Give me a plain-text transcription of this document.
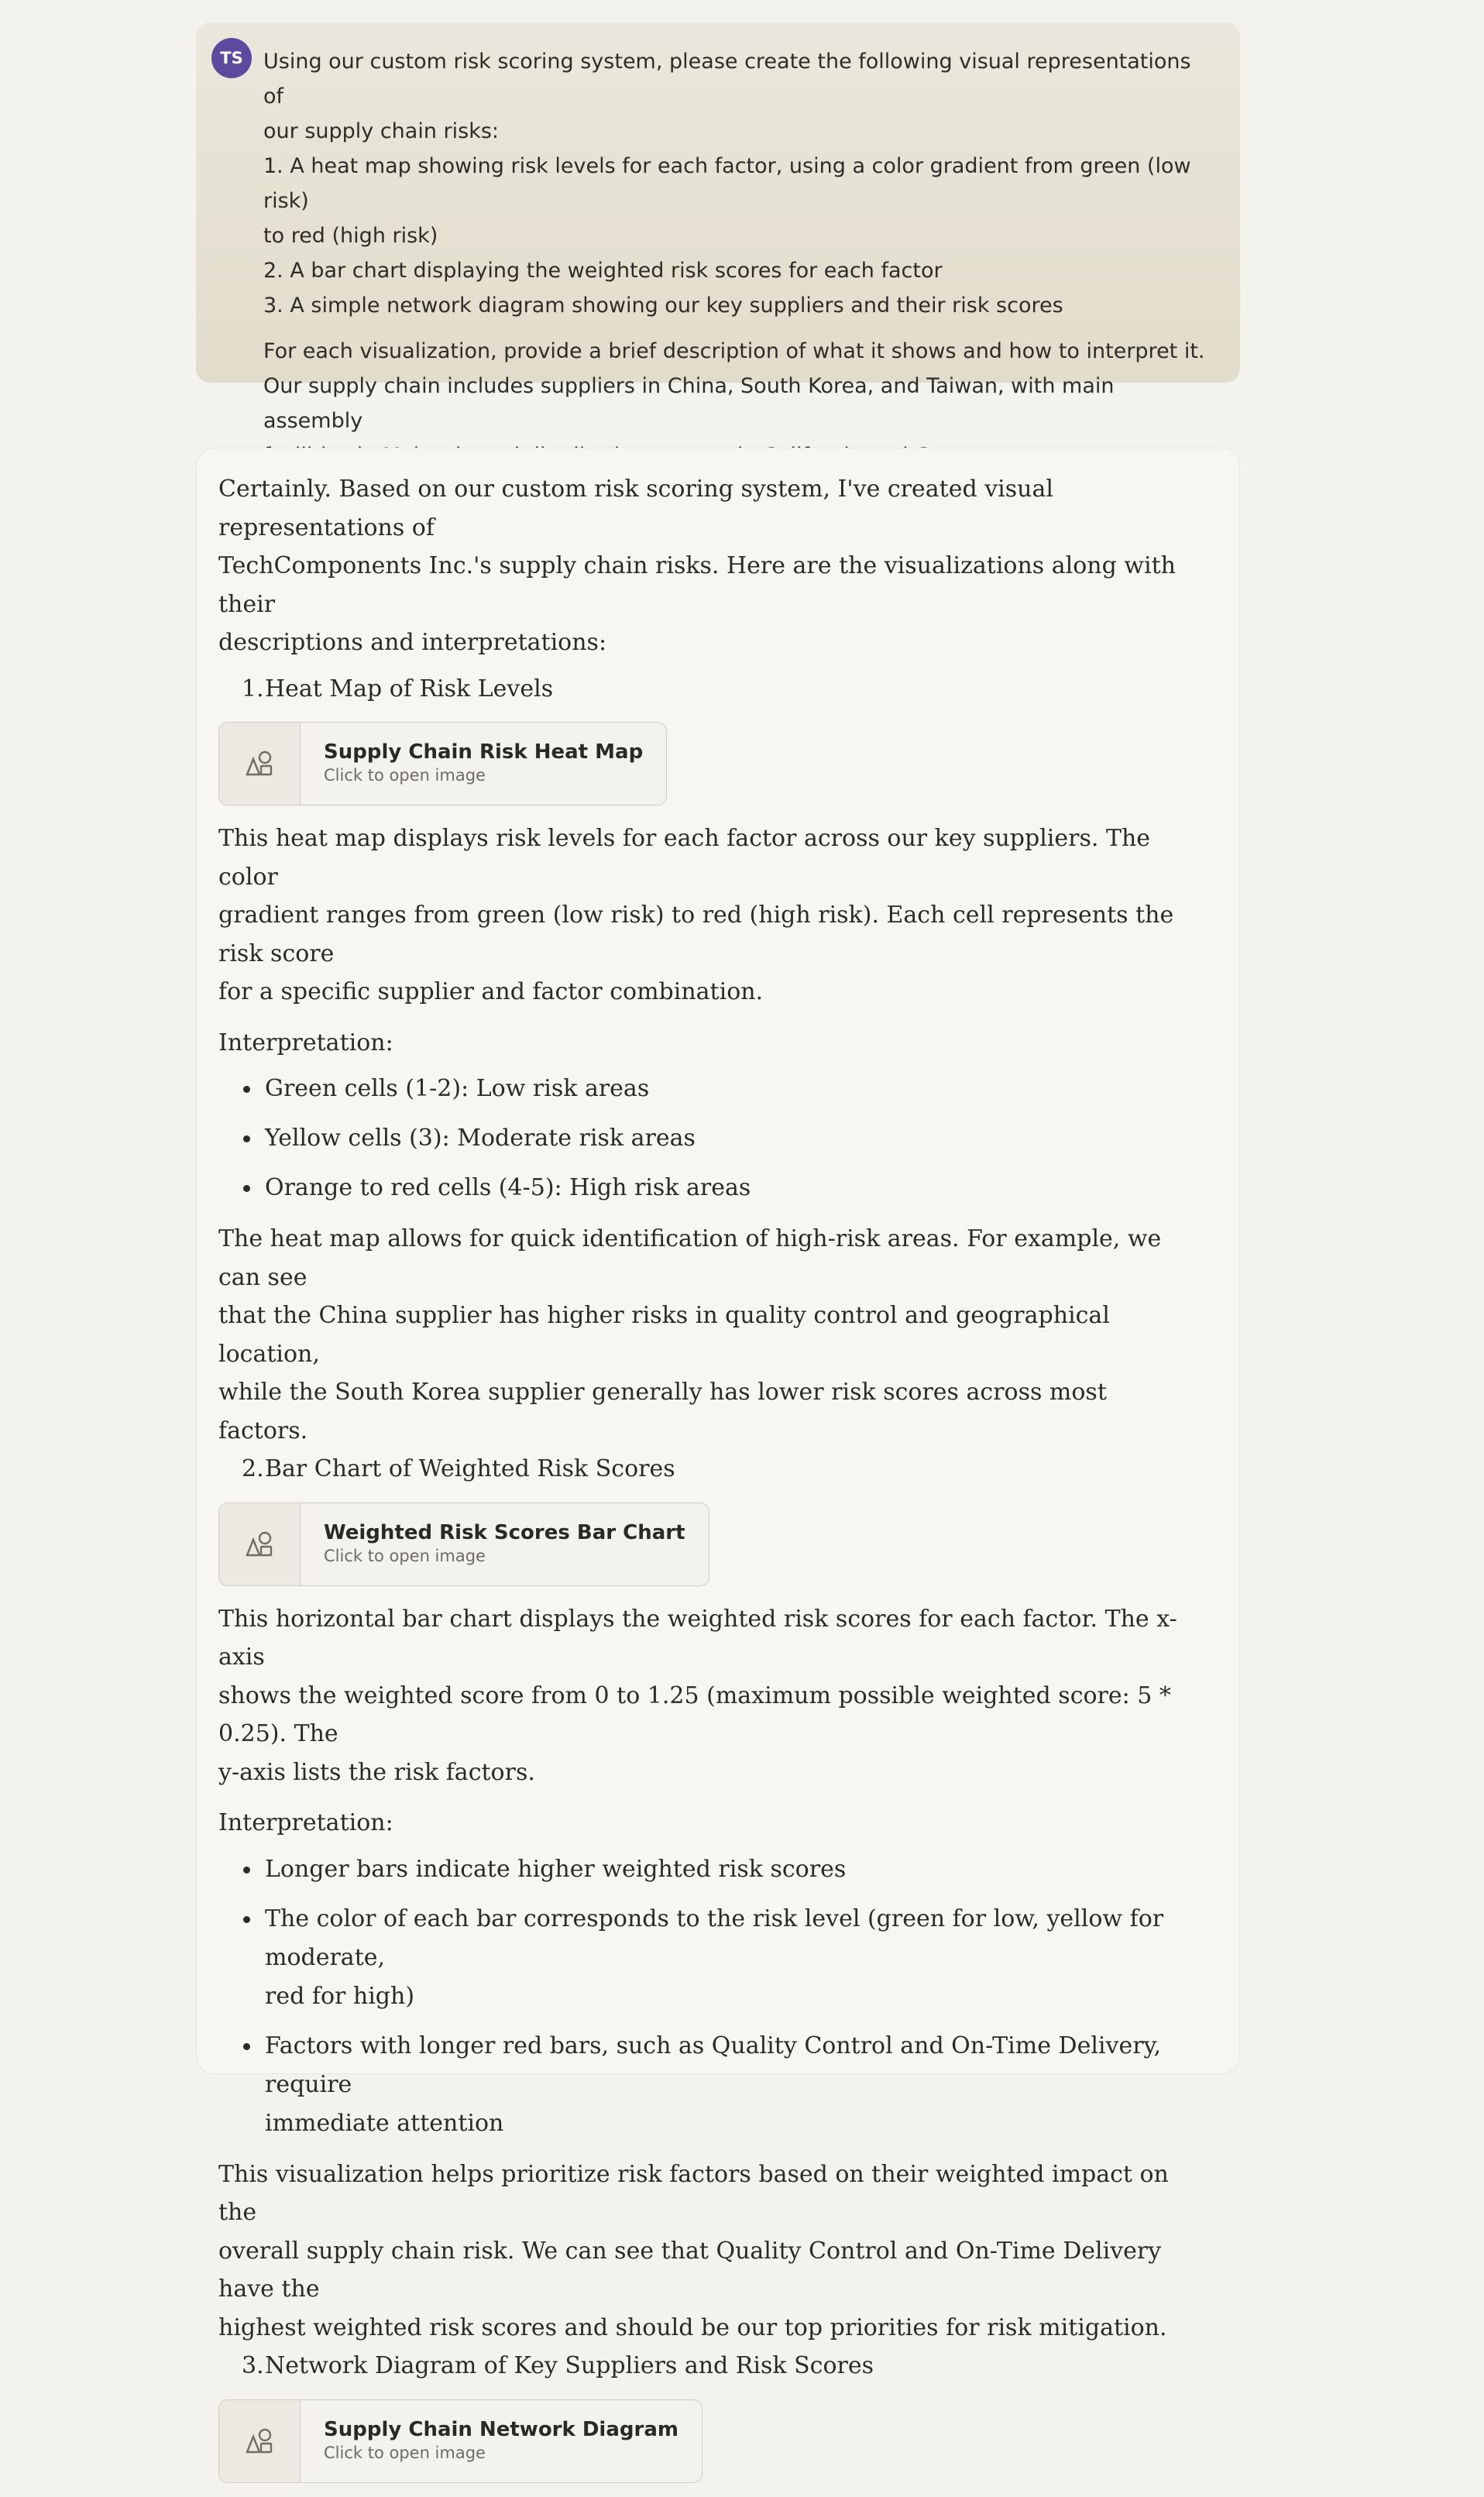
TS Using our custom risk scoring system, please create the following visual representations of

our supply chain risks:

1. A heat map showing risk levels for each factor, using a color gradient from green (low risk)

to red (high risk)

2. A bar chart displaying the weighted risk scores for each factor

3. A simple network diagram showing our key suppliers and their risk scores

For each visualization, provide a brief description of what it shows and how to interpret it.

Our supply chain includes suppliers in China, South Korea, and Taiwan, with main assembly

Certainly. Based on our custom risk scoring system, I've created visual representations of

TechComponents Inc.'s supply chain risks. Here are the visualizations along with their

descriptions and interpretations:

1.Heat Map of Risk Levels

Supply Chain Risk Heat Map
Click to open image

This heat map displays risk levels for each factor across our key suppliers. The color

gradient ranges from green (low risk) to red (high risk). Each cell represents the risk score

for a specific supplier and factor combination.

Interpretation:

Green cells (1-2): Low risk areas
Yellow cells (3): Moderate risk areas
Orange to red cells (4-5): High risk areas

The heat map allows for quick identification of high-risk areas. For example, we can see

that the China supplier has higher risks in quality control and geographical location,

while the South Korea supplier generally has lower risk scores across most factors.

2.Bar Chart of Weighted Risk Scores

Weighted Risk Scores Bar Chart
Click to open image

This horizontal bar chart displays the weighted risk scores for each factor. The x-axis

shows the weighted score from 0 to 1.25 (maximum possible weighted score: 5 * 0.25). The

y-axis lists the risk factors.

Interpretation:

Longer bars indicate higher weighted risk scores
The color of each bar corresponds to the risk level (green for low, yellow for moderate,
red for high)
Factors with longer red bars, such as Quality Control and On-Time Delivery, require
immediate attention

This visualization helps prioritize risk factors based on their weighted impact on the

overall supply chain risk. We can see that Quality Control and On-Time Delivery have the

highest weighted risk scores and should be our top priorities for risk mitigation.

3.Network Diagram of Key Suppliers and Risk Scores

Supply Chain Network Diagram
Click to open image
